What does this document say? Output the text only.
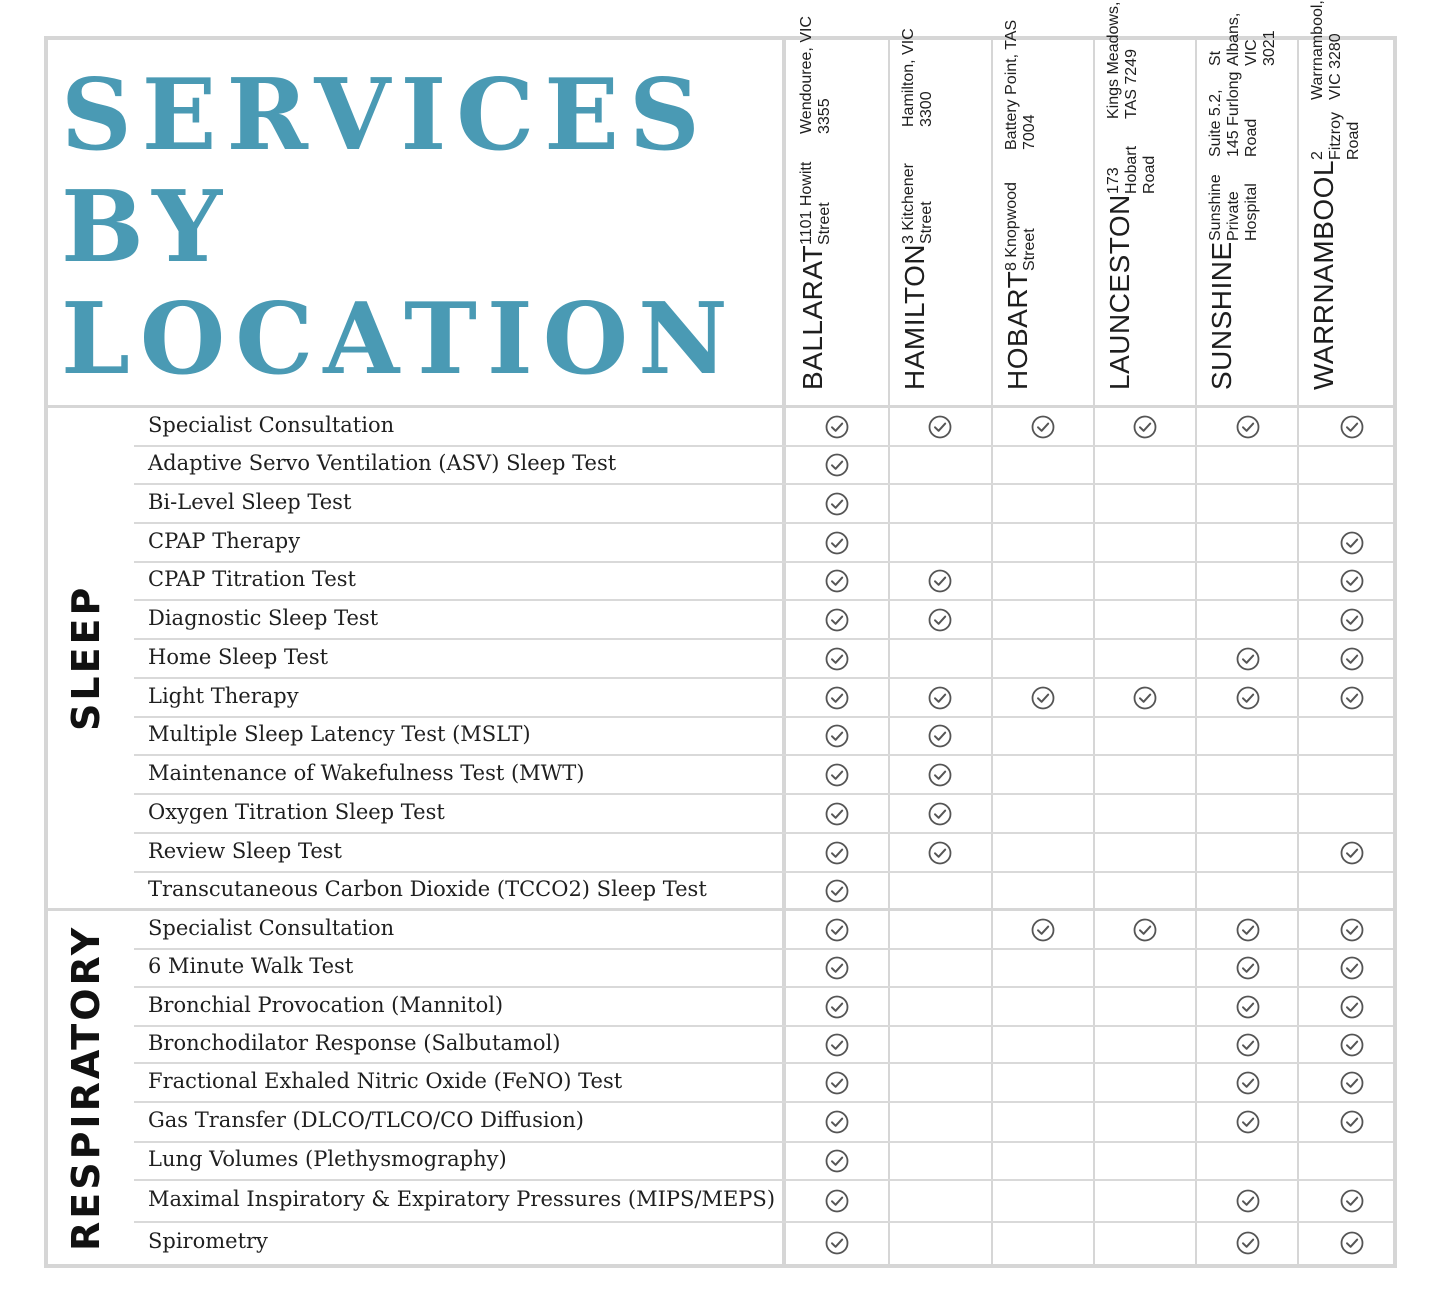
SERVICES
BY
LOCATION BALLARAT
1101 Howitt Street
Wendouree, VIC 3355
HAMILTON
3 Kitchener Street
Hamilton, VIC 3300
HOBART
8 Knopwood Street
Battery Point, TAS 7004
LAUNCESTON
173 Hobart Road
Kings Meadows, TAS 7249
SUNSHINE
Sunshine Private Hospital
Suite 5.2, 145 Furlong Road
St Albans, VIC 3021
WARRNAMBOOL
2 Fitzroy Road
Warrnambool, VIC 3280
SLEEP
RESPIRATORY
Specialist Consultation
Adaptive Servo Ventilation (ASV) Sleep Test
Bi-Level Sleep Test
CPAP Therapy
CPAP Titration Test
Diagnostic Sleep Test
Home Sleep Test
Light Therapy
Multiple Sleep Latency Test (MSLT)
Maintenance of Wakefulness Test (MWT)
Oxygen Titration Sleep Test
Review Sleep Test
Transcutaneous Carbon Dioxide (TCCO2) Sleep Test
Specialist Consultation
6 Minute Walk Test
Bronchial Provocation (Mannitol)
Bronchodilator Response (Salbutamol)
Fractional Exhaled Nitric Oxide (FeNO) Test
Gas Transfer (DLCO/TLCO/CO Diffusion)
Lung Volumes (Plethysmography)
Maximal Inspiratory & Expiratory Pressures (MIPS/MEPS)
Spirometry
